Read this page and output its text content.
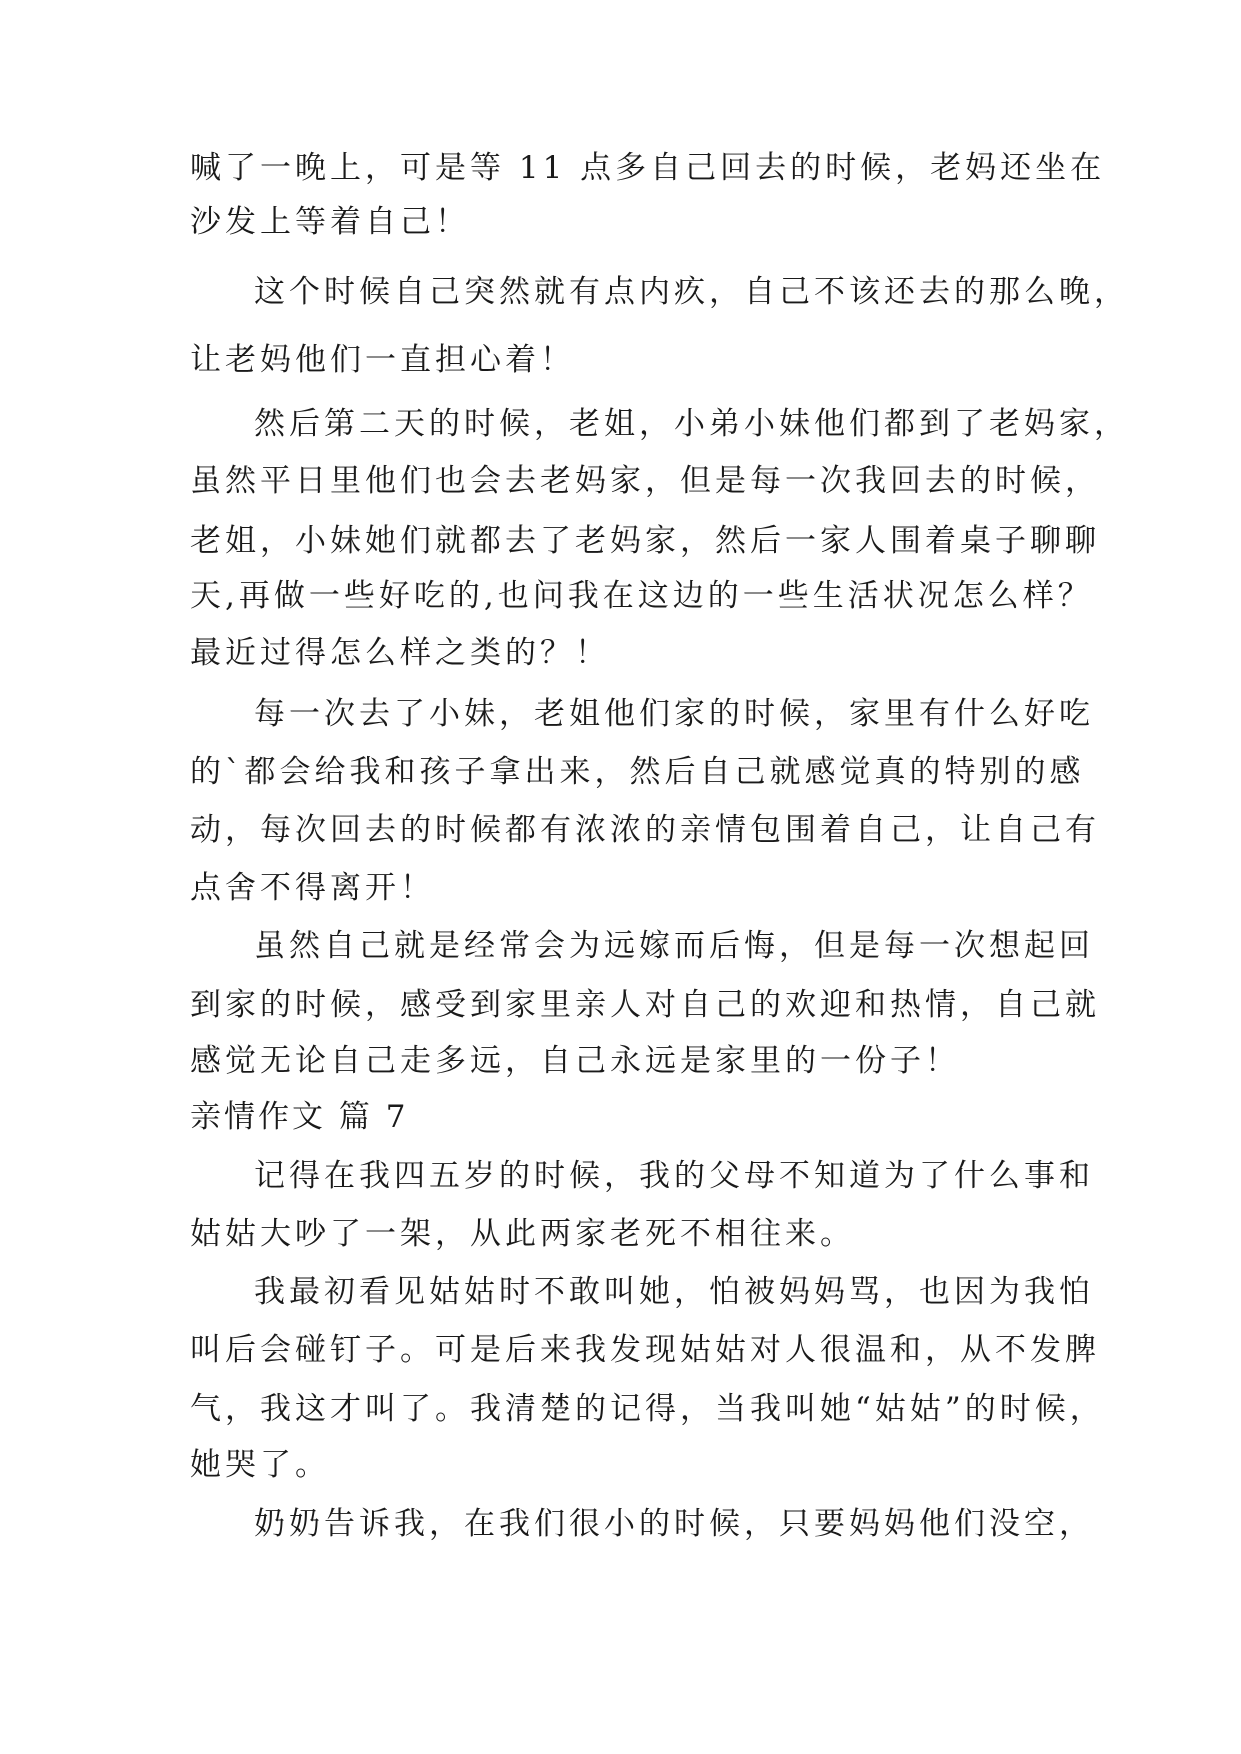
喊了一晚上，可是等 11 点多自己回去的时候，老妈还坐在

沙发上等着自己！

这个时候自己突然就有点内疚，自己不该还去的那么晚，

让老妈他们一直担心着！

然后第二天的时候，老姐，小弟小妹他们都到了老妈家，

虽然平日里他们也会去老妈家，但是每一次我回去的时候，

老姐，小妹她们就都去了老妈家，然后一家人围着桌子聊聊

天,再做一些好吃的,也问我在这边的一些生活状况怎么样？

最近过得怎么样之类的？！

每一次去了小妹，老姐他们家的时候，家里有什么好吃

的`都会给我和孩子拿出来，然后自己就感觉真的特别的感

动，每次回去的时候都有浓浓的亲情包围着自己，让自己有

点舍不得离开！

虽然自己就是经常会为远嫁而后悔，但是每一次想起回

到家的时候，感受到家里亲人对自己的欢迎和热情，自己就

感觉无论自己走多远，自己永远是家里的一份子！

亲情作文 篇 7

记得在我四五岁的时候，我的父母不知道为了什么事和

姑姑大吵了一架，从此两家老死不相往来。

我最初看见姑姑时不敢叫她，怕被妈妈骂，也因为我怕

叫后会碰钉子。可是后来我发现姑姑对人很温和，从不发脾

气，我这才叫了。我清楚的记得，当我叫她“姑姑”的时候，

她哭了。

奶奶告诉我，在我们很小的时候，只要妈妈他们没空，
